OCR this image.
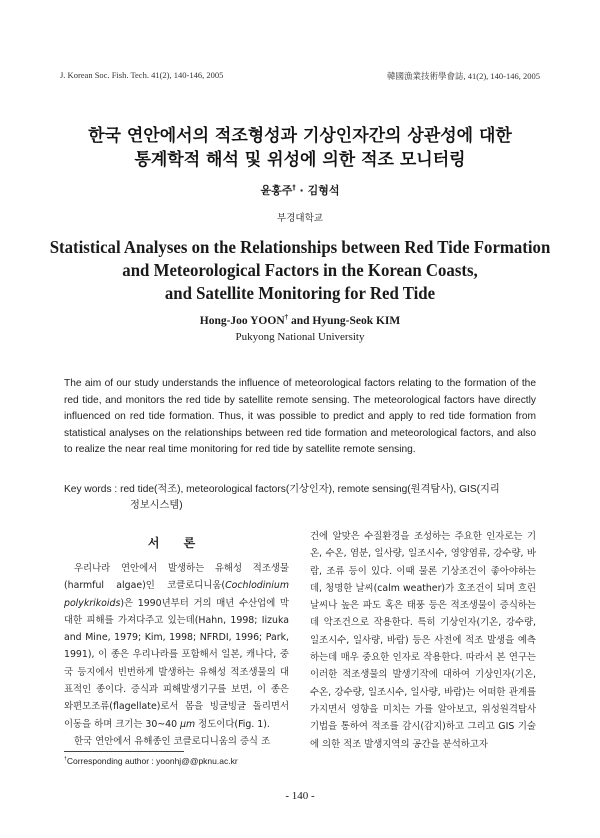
J. Korean Soc. Fish. Tech. 41(2), 140-146, 2005	韓國漁業技術學會誌, 41(2), 140-146, 2005
한국 연안에서의 적조형성과 기상인자간의 상관성에 대한
통계학적 해석 및 위성에 의한 적조 모니터링
윤홍주† · 김형석
부경대학교
Statistical Analyses on the Relationships between Red Tide Formation
and Meteorological Factors in the Korean Coasts,
and Satellite Monitoring for Red Tide
Hong-Joo YOON† and Hyung-Seok KIM
Pukyong National University
The aim of our study understands the influence of meteorological factors relating to the formation of the red tide, and monitors the red tide by satellite remote sensing. The meteorological factors have directly influenced on red tide formation. Thus, it was possible to predict and apply to red tide formation from statistical analyses on the relationships between red tide formation and meteorological factors, and also to realize the near real time monitoring for red tide by satellite remote sensing.
Key words : red tide(적조), meteorological factors(기상인자), remote sensing(원격탐사), GIS(지리
정보시스템)
서 론

우리나라 연안에서 발생하는 유해성 적조생물(harmful algae)인 코클로디니움(Cochlodinium polykrikoids)은 1990년부터 거의 매년 수산업에 막대한 피해를 가져다주고 있는데(Hahn, 1998; Iizuka and Mine, 1979; Kim, 1998; NFRDI, 1996; Park, 1991), 이 종은 우리나라를 포함해서 일본, 캐나다, 중국 등지에서 빈번하게 발생하는 유해성 적조생물의 대표적인 종이다. 증식과 피해발생기구를 보면, 이 종은 와편모조류(flagellate)로서 몸을 빙글빙글 돌리면서 이동을 하며 크기는 30~40 μm 정도이다(Fig. 1).

한국 연안에서 유해종인 코클로디니움의 증식 조

건에 알맞은 수질환경을 조성하는 주요한 인자로는 기온, 수온, 염분, 일사량, 일조시수, 영양염류, 강수량, 바람, 조류 등이 있다. 이때 물론 기상조건이 좋아야하는데, 청명한 날씨(calm weather)가 호조건이 되며 흐린 날씨나 높은 파도 혹은 태풍 등은 적조생물이 증식하는데 악조건으로 작용한다. 특히 기상인자(기온, 강수량, 일조시수, 일사량, 바람) 등은 사전에 적조 발생을 예측하는데 매우 중요한 인자로 작용한다. 따라서 본 연구는 이러한 적조생물의 발생기작에 대하여 기상인자(기온, 수온, 강수량, 일조시수, 일사량, 바람)는 어떠한 관계를 가지면서 영향을 미치는 가를 알아보고, 위성원격탐사기법을 통하여 적조를 감시(감지)하고 그리고 GIS 기술에 의한 적조 발생지역의 공간을 분석하고자

†Corresponding author : yoonhj@@pknu.ac.kr
- 140 -
